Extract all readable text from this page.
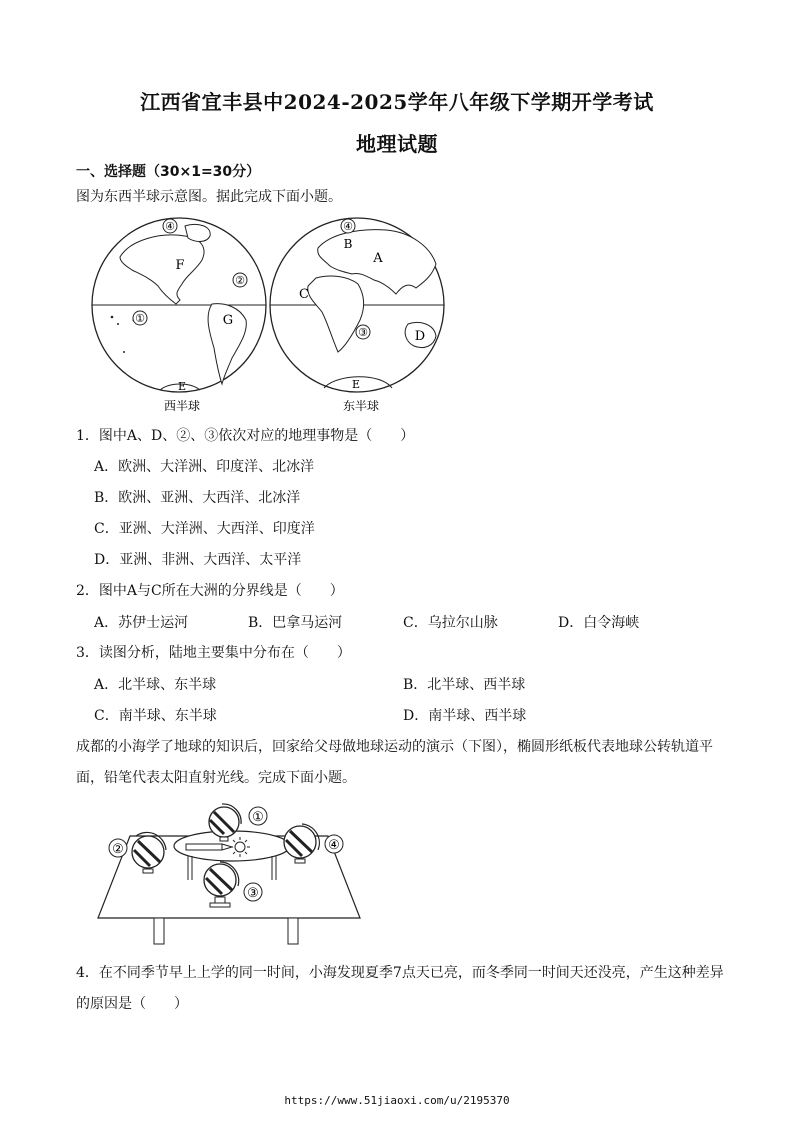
江西省宜丰县中2024-2025学年八年级下学期开学考试
地理试题
一、选择题（30×1=30分）
图为东西半球示意图。据此完成下面小题。
④
F
②
①	G
E
④
B
A
C
③	D
E
西半球	东半球
1．图中A、D、②、③依次对应的地理事物是（　　）
A．欧洲、大洋洲、印度洋、北冰洋
B．欧洲、亚洲、大西洋、北冰洋
C．亚洲、大洋洲、大西洋、印度洋
D．亚洲、非洲、大西洋、太平洋
2．图中A与C所在大洲的分界线是（　　）
A．苏伊士运河	B．巴拿马运河	C．乌拉尔山脉	D．白令海峡
3．读图分析，陆地主要集中分布在（　　）
A．北半球、东半球	B．北半球、西半球
C．南半球、东半球	D．南半球、西半球
成都的小海学了地球的知识后，回家给父母做地球运动的演示（下图），椭圆形纸板代表地球公转轨道平面，铅笔代表太阳直射光线。完成下面小题。
①
②	④
③
4．在不同季节早上上学的同一时间，小海发现夏季7点天已亮，而冬季同一时间天还没亮，产生这种差异的原因是（　　）
https://www.51jiaoxi.com/u/2195370
